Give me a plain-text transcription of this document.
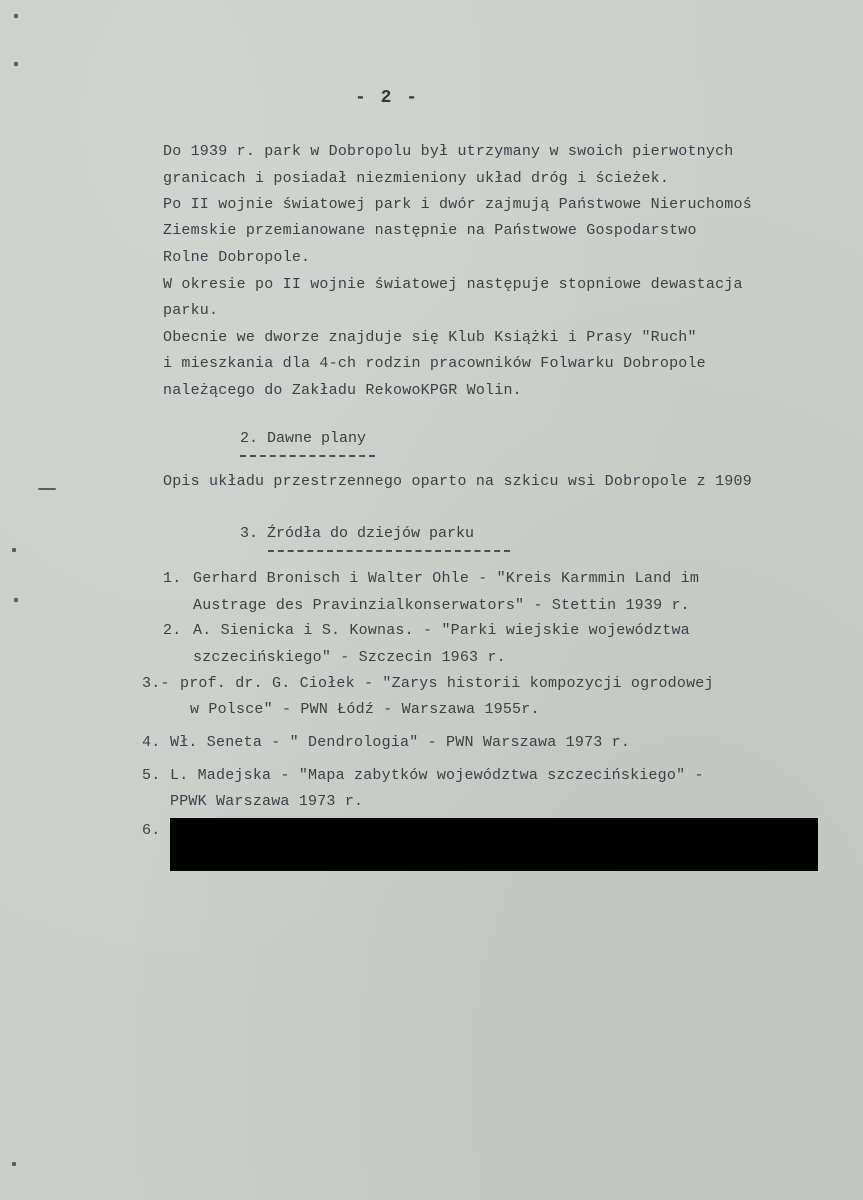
- 2 -
Do 1939 r. park w Dobropolu był utrzymany w swoich pierwotnych
granicach i posiadał niezmieniony układ dróg i ścieżek.
Po II wojnie światowej park i dwór zajmują Państwowe Nieruchomoś
Ziemskie przemianowane następnie na Państwowe Gospodarstwo
Rolne Dobropole.
W okresie po II wojnie światowej następuje stopniowe dewastacja
parku.
Obecnie we dworze znajduje się Klub Książki i Prasy "Ruch"
i mieszkania dla 4-ch rodzin pracowników Folwarku Dobropole
należącego do Zakładu RekowoKPGR Wolin.
2. Dawne plany
Opis układu przestrzennego oparto na szkicu wsi Dobropole z 1909
3. Źródła do dziejów parku
1. Gerhard Bronisch i Walter Ohle - "Kreis Karmmin Land im
Austrage des Pravinzialkonserwators" - Stettin 1939 r.
2. A. Sienicka i S. Kownas. - "Parki wiejskie województwa
szczecińskiego" - Szczecin 1963 r.
3.- prof. dr. G. Ciołek - "Zarys historii kompozycji ogrodowej
w Polsce" - PWN Łódź - Warszawa 1955r.
4. Wł. Seneta - " Dendrologia" - PWN Warszawa 1973 r.
5. L. Madejska - "Mapa zabytków województwa szczecińskiego" -
PPWK Warszawa 1973 r.
6.
